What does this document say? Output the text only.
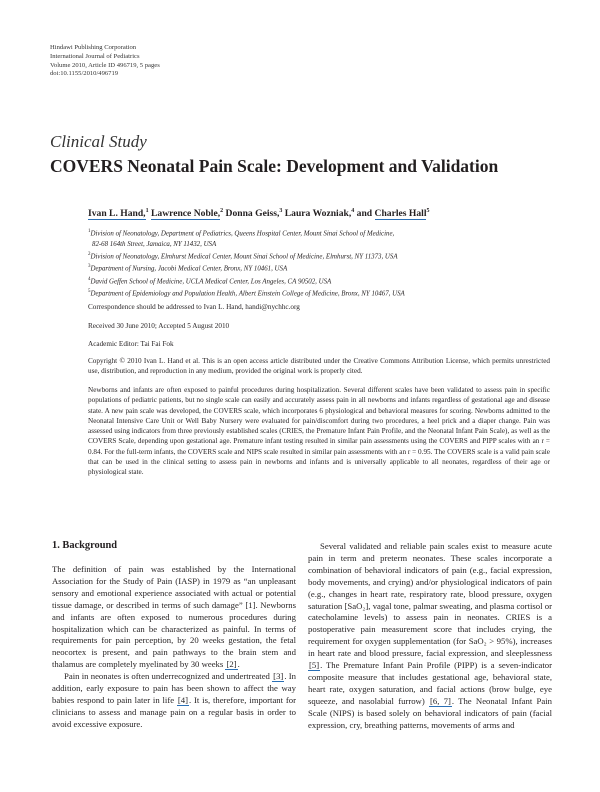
Hindawi Publishing Corporation
International Journal of Pediatrics
Volume 2010, Article ID 496719, 5 pages
doi:10.1155/2010/496719
Clinical Study
COVERS Neonatal Pain Scale: Development and Validation
Ivan L. Hand,$^1$ Lawrence Noble,$^2$ Donna Geiss,$^3$ Laura Wozniak,$^4$ and Charles Hall$^5$
$^1$Division of Neonatology, Department of Pediatrics, Queens Hospital Center, Mount Sinai School of Medicine,
82-68 164th Street, Jamaica, NY 11432, USA
$^2$Division of Neonatology, Elmhurst Medical Center, Mount Sinai School of Medicine, Elmhurst, NY 11373, USA
$^3$Department of Nursing, Jacobi Medical Center, Bronx, NY 10461, USA
$^4$David Geffen School of Medicine, UCLA Medical Center, Los Angeles, CA 90502, USA
$^5$Department of Epidemiology and Population Health, Albert Einstein College of Medicine, Bronx, NY 10467, USA
Correspondence should be addressed to Ivan L. Hand, handi@nychhc.org
Received 30 June 2010; Accepted 5 August 2010
Academic Editor: Tai Fai Fok

Copyright © 2010 Ivan L. Hand et al. This is an open access article distributed under the Creative Commons Attribution License, which permits unrestricted use, distribution, and reproduction in any medium, provided the original work is properly cited.

Newborns and infants are often exposed to painful procedures during hospitalization. Several different scales have been validated to assess pain in specific populations of pediatric patients, but no single scale can easily and accurately assess pain in all newborns and infants regardless of gestational age and disease state. A new pain scale was developed, the COVERS scale, which incorporates 6 physiological and behavioral measures for scoring. Newborns admitted to the Neonatal Intensive Care Unit or Well Baby Nursery were evaluated for pain/discomfort during two procedures, a heel prick and a diaper change. Pain was assessed using indicators from three previously established scales (CRIES, the Premature Infant Pain Profile, and the Neonatal Infant Pain Scale), as well as the COVERS Scale, depending upon gestational age. Premature infant testing resulted in similar pain assessments using the COVERS and PIPP scales with an r = 0.84. For the full-term infants, the COVERS scale and NIPS scale resulted in similar pain assessments with an r = 0.95. The COVERS scale is a valid pain scale that can be used in the clinical setting to assess pain in newborns and infants and is universally applicable to all neonates, regardless of their age or physiological state.

1. Background

The definition of pain was established by the International Association for the Study of Pain (IASP) in 1979 as “an unpleasant sensory and emotional experience associated with actual or potential tissue damage, or described in terms of such damage” [1]. Newborns and infants are often exposed to numerous procedures during hospitalization which can be characterized as painful. In terms of requirements for pain perception, by 20 weeks gestation, the fetal neocortex is present, and pain pathways to the brain stem and thalamus are completely myelinated by 30 weeks [2].

Pain in neonates is often underrecognized and undertreated [3]. In addition, early exposure to pain has been shown to affect the way babies respond to pain later in life [4]. It is, therefore, important for clinicians to assess and manage pain on a regular basis in order to avoid excessive exposure.

Several validated and reliable pain scales exist to measure acute pain in term and preterm neonates. These scales incorporate a combination of behavioral indicators of pain (e.g., facial expression, body movements, and crying) and/or physiological indicators of pain (e.g., changes in heart rate, respiratory rate, blood pressure, oxygen saturation [SaO₂], vagal tone, palmar sweating, and plasma cortisol or catecholamine levels) to assess pain in neonates. CRIES is a postoperative pain measurement score that includes crying, the requirement for oxygen supplementation (for SaO₂ > 95%), increases in heart rate and blood pressure, facial expression, and sleeplessness [5]. The Premature Infant Pain Profile (PIPP) is a seven-indicator composite measure that includes gestational age, behavioral state, heart rate, oxygen saturation, and facial actions (brow bulge, eye squeeze, and nasolabial furrow) [6, 7]. The Neonatal Infant Pain Scale (NIPS) is based solely on behavioral indicators of pain (facial expression, cry, breathing patterns, movements of arms and
